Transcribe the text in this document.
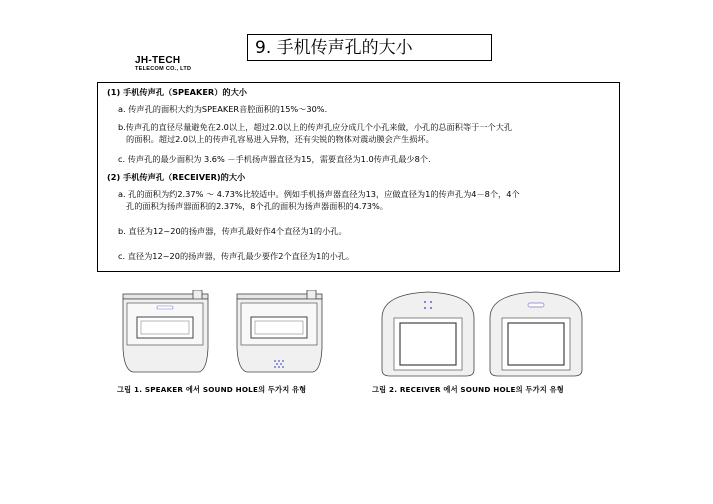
9. 手机传声孔的大小
JH-TECH
TELECOM CO., LTD
(1) 手机传声孔（SPEAKER）的大小
a. 传声孔的面积大约为SPEAKER音腔面积的15%～30%.
b.传声孔的直径尽量避免在2.0以上，超过2.0以上的传声孔应分成几个小孔来做，小孔的总面积等于一个大孔
的面积。超过2.0以上的传声孔容易进入异物，还有尖锐的物体对震动膜会产生损坏。
c. 传声孔的最少面积为 3.6% －手机扬声器直径为15，需要直径为1.0传声孔最少8个.
(2) 手机传声孔（RECEIVER)的大小
a. 孔的面积为约2.37% ～ 4.73%比较适中。例如手机扬声器直径为13，应做直径为1的传声孔为4－8个，4个
孔的面积为扬声器面积的2.37%，8个孔的面积为扬声器面积的4.73%。
b. 直径为12~20的扬声器，传声孔最好作4个直径为1的小孔。
c. 直径为12~20的扬声器，传声孔最少要作2个直径为1的小孔。
그림 1. SPEAKER 에서 SOUND HOLE의 두가지 유형	그림 2. RECEIVER 에서 SOUND HOLE의 두가지 유형
